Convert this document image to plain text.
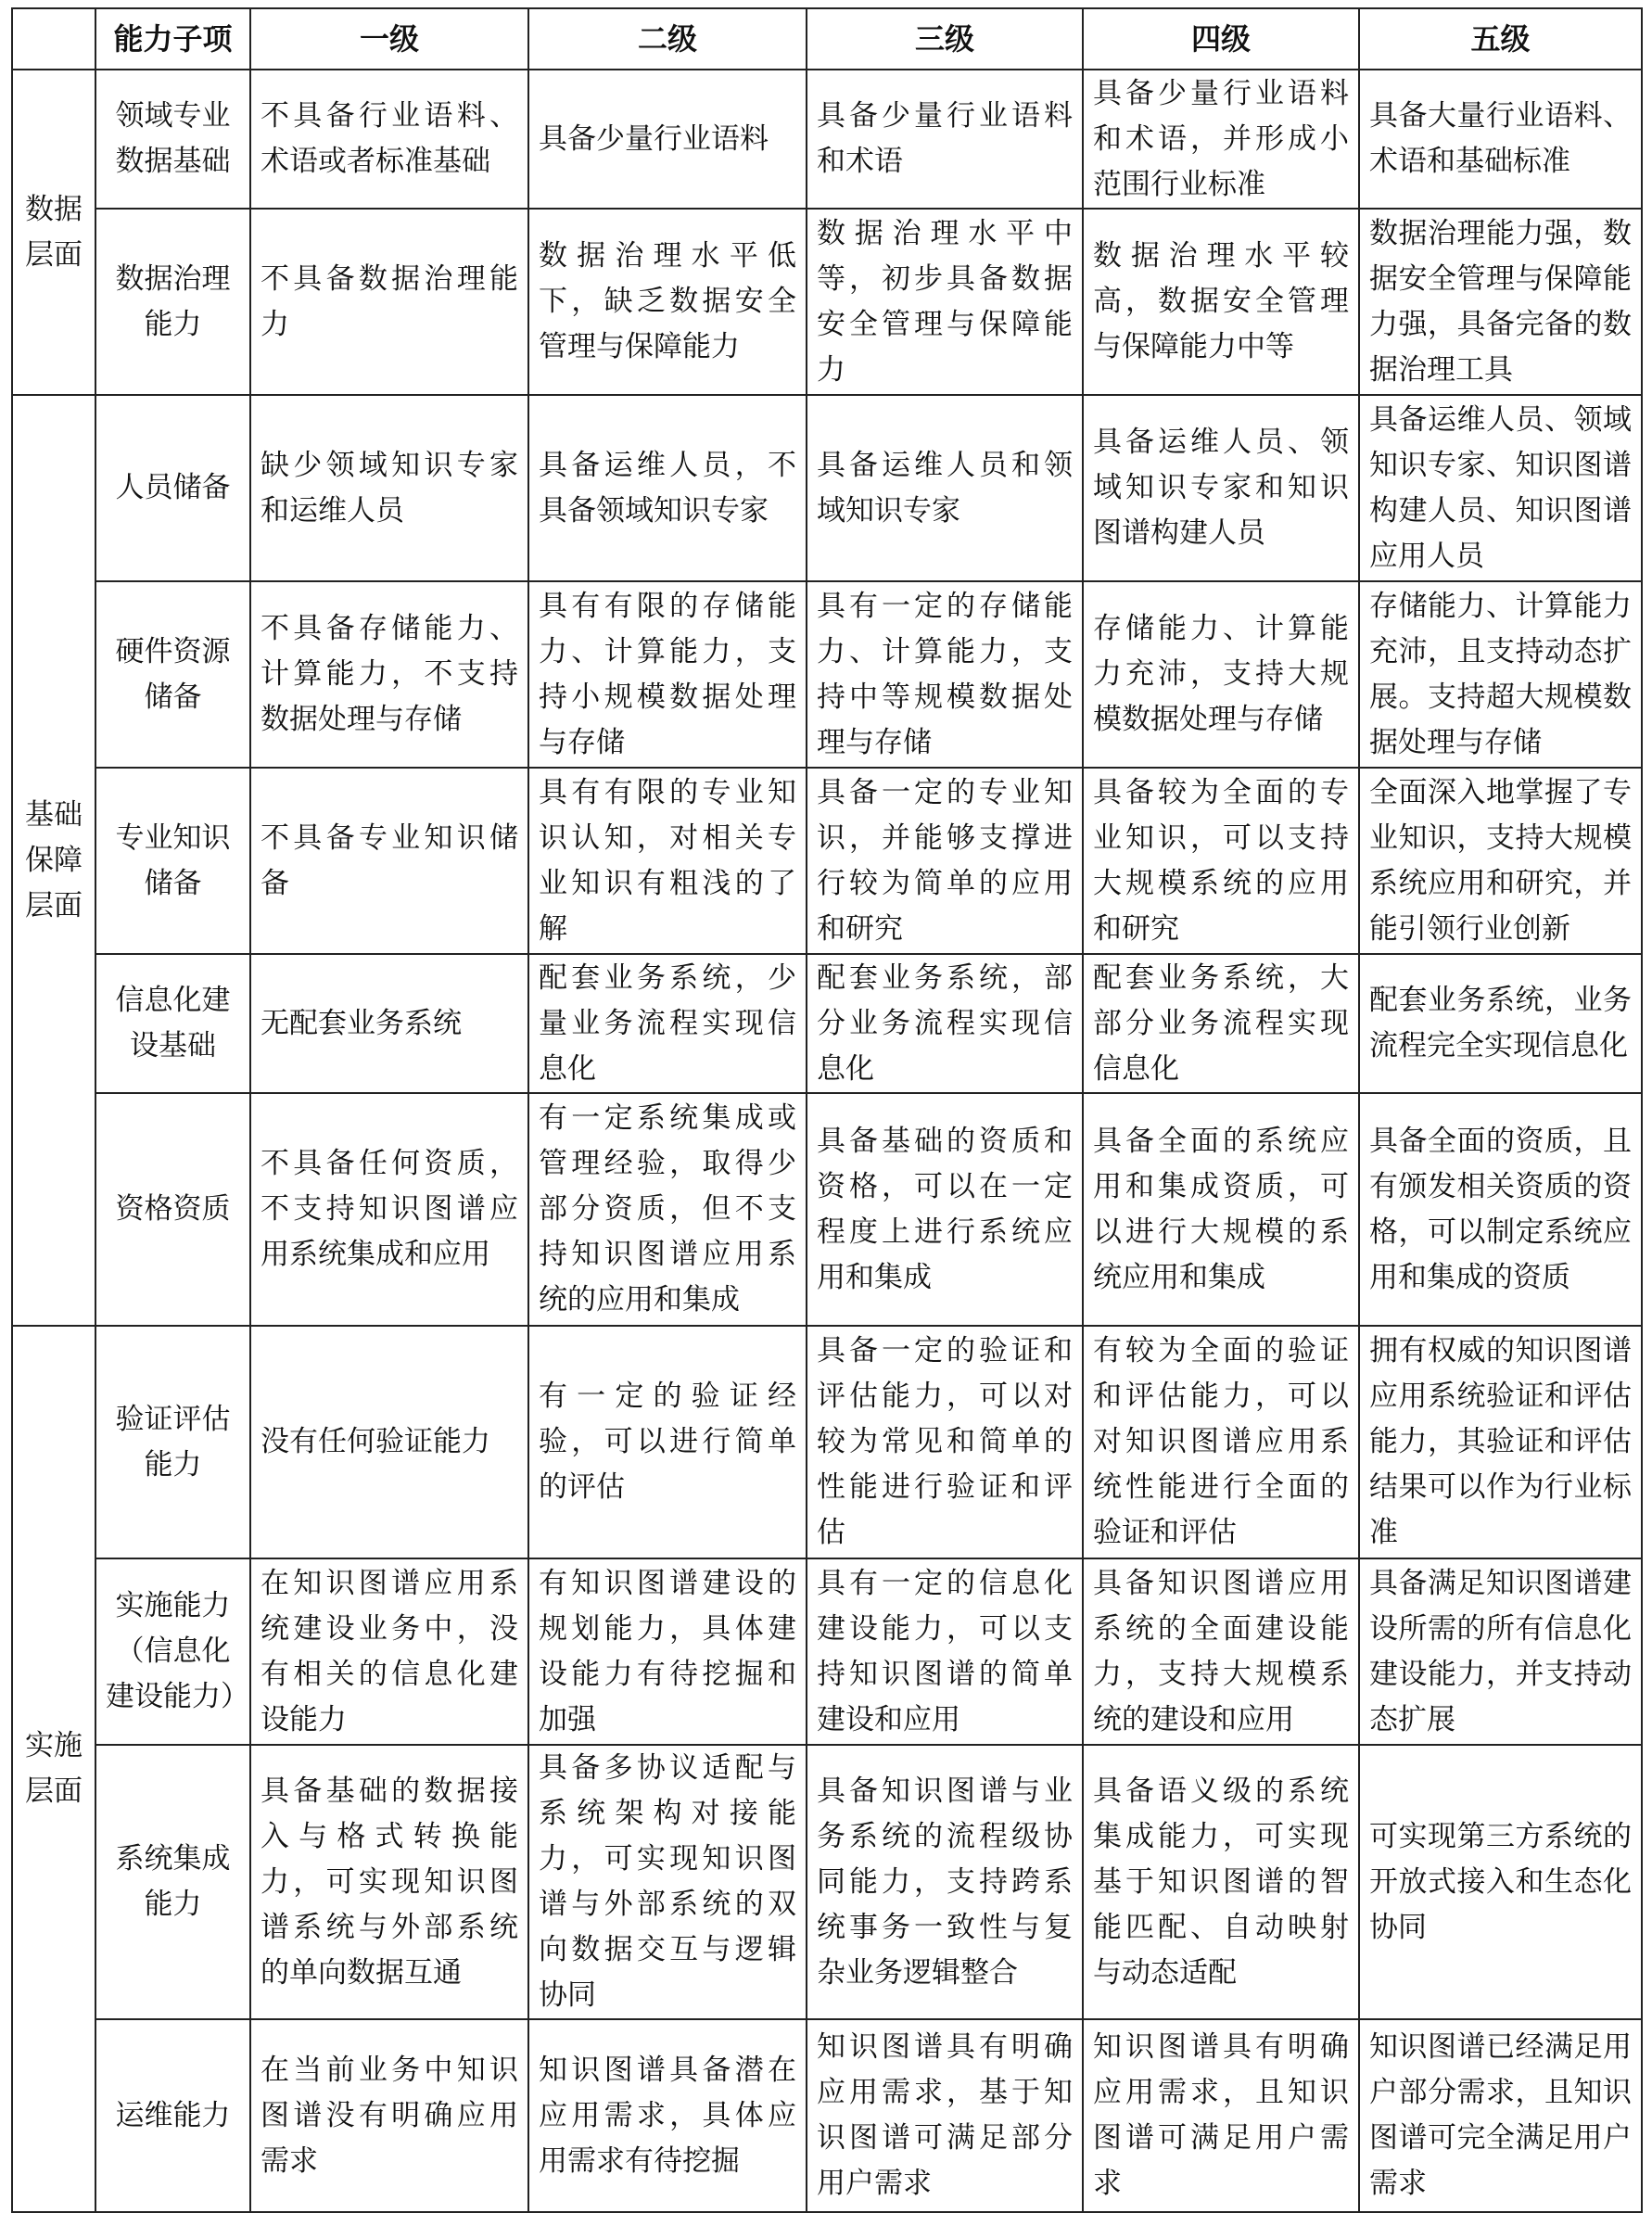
	能力子项	一级	二级	三级	四级	五级
数据层面	领域专业数据基础	不具备行业语料、术语或者标准基础	具备少量行业语料	具备少量行业语料和术语	具备少量行业语料和术语，并形成小范围行业标准	具备大量行业语料、术语和基础标准
	数据治理能力	不具备数据治理能力	数据治理水平低下，缺乏数据安全管理与保障能力	数据治理水平中等，初步具备数据安全管理与保障能力	数据治理水平较高，数据安全管理与保障能力中等	数据治理能力强，数据安全管理与保障能力强，具备完备的数据治理工具
基础保障层面	人员储备	缺少领域知识专家和运维人员	具备运维人员，不具备领域知识专家	具备运维人员和领域知识专家	具备运维人员、领域知识专家和知识图谱构建人员	具备运维人员、领域知识专家、知识图谱构建人员、知识图谱应用人员
	硬件资源储备	不具备存储能力、计算能力，不支持数据处理与存储	具有有限的存储能力、计算能力，支持小规模数据处理与存储	具有一定的存储能力、计算能力，支持中等规模数据处理与存储	存储能力、计算能力充沛，支持大规模数据处理与存储	存储能力、计算能力充沛，且支持动态扩展。支持超大规模数据处理与存储
	专业知识储备	不具备专业知识储备	具有有限的专业知识认知，对相关专业知识有粗浅的了解	具备一定的专业知识，并能够支撑进行较为简单的应用和研究	具备较为全面的专业知识，可以支持大规模系统的应用和研究	全面深入地掌握了专业知识，支持大规模系统应用和研究，并能引领行业创新
	信息化建设基础	无配套业务系统	配套业务系统，少量业务流程实现信息化	配套业务系统，部分业务流程实现信息化	配套业务系统，大部分业务流程实现信息化	配套业务系统，业务流程完全实现信息化
	资格资质	不具备任何资质，不支持知识图谱应用系统集成和应用	有一定系统集成或管理经验，取得少部分资质，但不支持知识图谱应用系统的应用和集成	具备基础的资质和资格，可以在一定程度上进行系统应用和集成	具备全面的系统应用和集成资质，可以进行大规模的系统应用和集成	具备全面的资质，且有颁发相关资质的资格，可以制定系统应用和集成的资质
实施层面	验证评估能力	没有任何验证能力	有一定的验证经验，可以进行简单的评估	具备一定的验证和评估能力，可以对较为常见和简单的性能进行验证和评估	有较为全面的验证和评估能力，可以对知识图谱应用系统性能进行全面的验证和评估	拥有权威的知识图谱应用系统验证和评估能力，其验证和评估结果可以作为行业标准
	实施能力（信息化建设能力）	在知识图谱应用系统建设业务中，没有相关的信息化建设能力	有知识图谱建设的规划能力，具体建设能力有待挖掘和加强	具有一定的信息化建设能力，可以支持知识图谱的简单建设和应用	具备知识图谱应用系统的全面建设能力，支持大规模系统的建设和应用	具备满足知识图谱建设所需的所有信息化建设能力，并支持动态扩展
	系统集成能力	具备基础的数据接入与格式转换能力，可实现知识图谱系统与外部系统的单向数据互通	具备多协议适配与系统架构对接能力，可实现知识图谱与外部系统的双向数据交互与逻辑协同	具备知识图谱与业务系统的流程级协同能力，支持跨系统事务一致性与复杂业务逻辑整合	具备语义级的系统集成能力，可实现基于知识图谱的智能匹配、自动映射与动态适配	可实现第三方系统的开放式接入和生态化协同
	运维能力	在当前业务中知识图谱没有明确应用需求	知识图谱具备潜在应用需求，具体应用需求有待挖掘	知识图谱具有明确应用需求，基于知识图谱可满足部分用户需求	知识图谱具有明确应用需求，且知识图谱可满足用户需求	知识图谱已经满足用户部分需求，且知识图谱可完全满足用户需求
